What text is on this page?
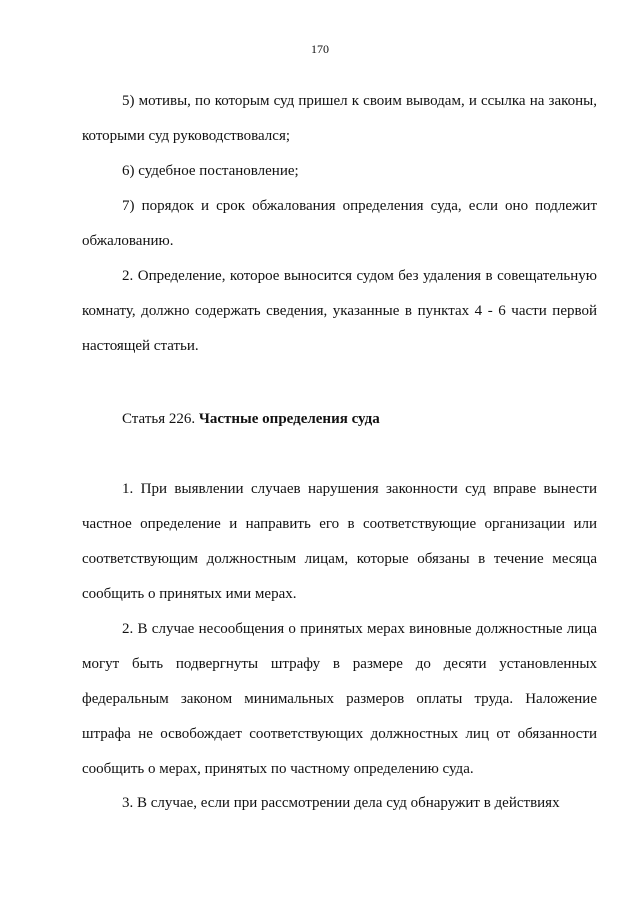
170

5) мотивы, по которым суд пришел к своим выводам, и ссылка на законы, которыми суд руководствовался;

6) судебное постановление;

7) порядок и срок обжалования определения суда, если оно подлежит обжалованию.

2. Определение, которое выносится судом без удаления в совещательную комнату, должно содержать сведения, указанные в пунктах 4 - 6 части первой настоящей статьи.

Статья 226. Частные определения суда

1. При выявлении случаев нарушения законности суд вправе вынести частное определение и направить его в соответствующие организации или соответствующим должностным лицам, которые обязаны в течение месяца сообщить о принятых ими мерах.

2. В случае несообщения о принятых мерах виновные должностные лица могут быть подвергнуты штрафу в размере до десяти установленных федеральным законом минимальных размеров оплаты труда. Наложение штрафа не освобождает соответствующих должностных лиц от обязанности сообщить о мерах, принятых по частному определению суда.

3. В случае, если при рассмотрении дела суд обнаружит в действиях
